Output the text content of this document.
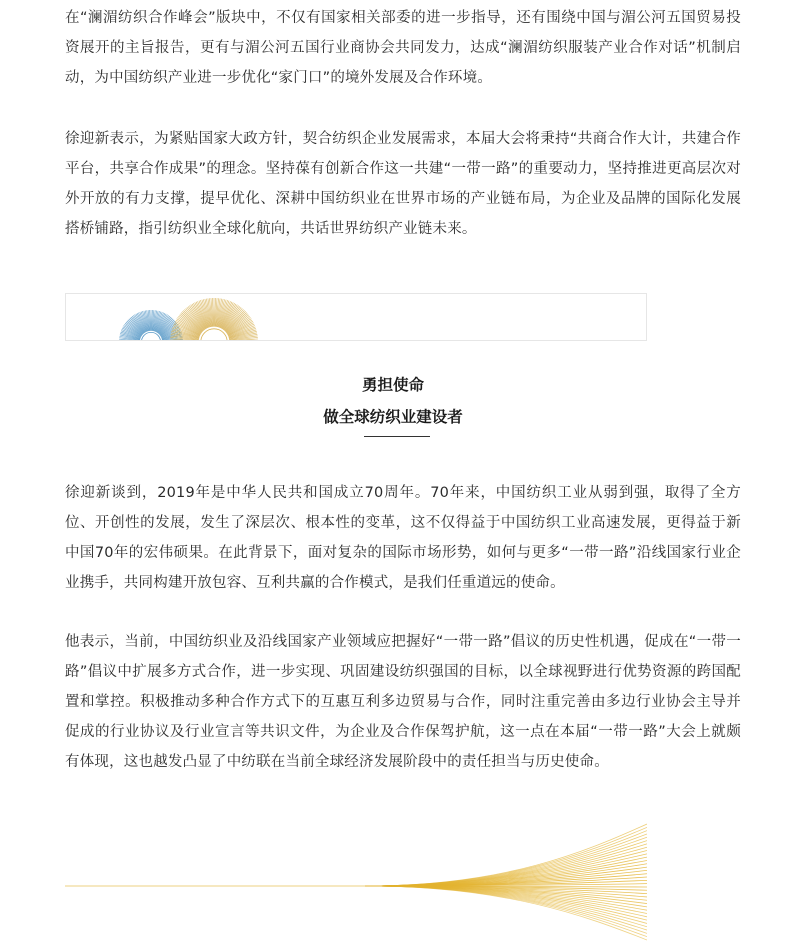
在“澜湄纺织合作峰会”版块中，不仅有国家相关部委的进一步指导，还有围绕中国与湄公河五国贸易投资展开的主旨报告，更有与湄公河五国行业商协会共同发力，达成“澜湄纺织服装产业合作对话”机制启动，为中国纺织产业进一步优化“家门口”的境外发展及合作环境。

徐迎新表示，为紧贴国家大政方针，契合纺织企业发展需求，本届大会将秉持“共商合作大计，共建合作平台，共享合作成果”的理念。坚持葆有创新合作这一共建“一带一路”的重要动力，坚持推进更高层次对外开放的有力支撑，提早优化、深耕中国纺织业在世界市场的产业链布局，为企业及品牌的国际化发展搭桥铺路，指引纺织业全球化航向，共话世界纺织产业链未来。

勇担使命
做全球纺织业建设者

徐迎新谈到，2019年是中华人民共和国成立70周年。70年来，中国纺织工业从弱到强，取得了全方位、开创性的发展，发生了深层次、根本性的变革，这不仅得益于中国纺织工业高速发展，更得益于新中国70年的宏伟硕果。在此背景下，面对复杂的国际市场形势，如何与更多“一带一路”沿线国家行业企业携手，共同构建开放包容、互利共赢的合作模式，是我们任重道远的使命。

他表示，当前，中国纺织业及沿线国家产业领域应把握好“一带一路”倡议的历史性机遇，促成在“一带一路”倡议中扩展多方式合作，进一步实现、巩固建设纺织强国的目标，以全球视野进行优势资源的跨国配置和掌控。积极推动多种合作方式下的互惠互利多边贸易与合作，同时注重完善由多边行业协会主导并促成的行业协议及行业宣言等共识文件，为企业及合作保驾护航，这一点在本届“一带一路”大会上就颇有体现，这也越发凸显了中纺联在当前全球经济发展阶段中的责任担当与历史使命。
